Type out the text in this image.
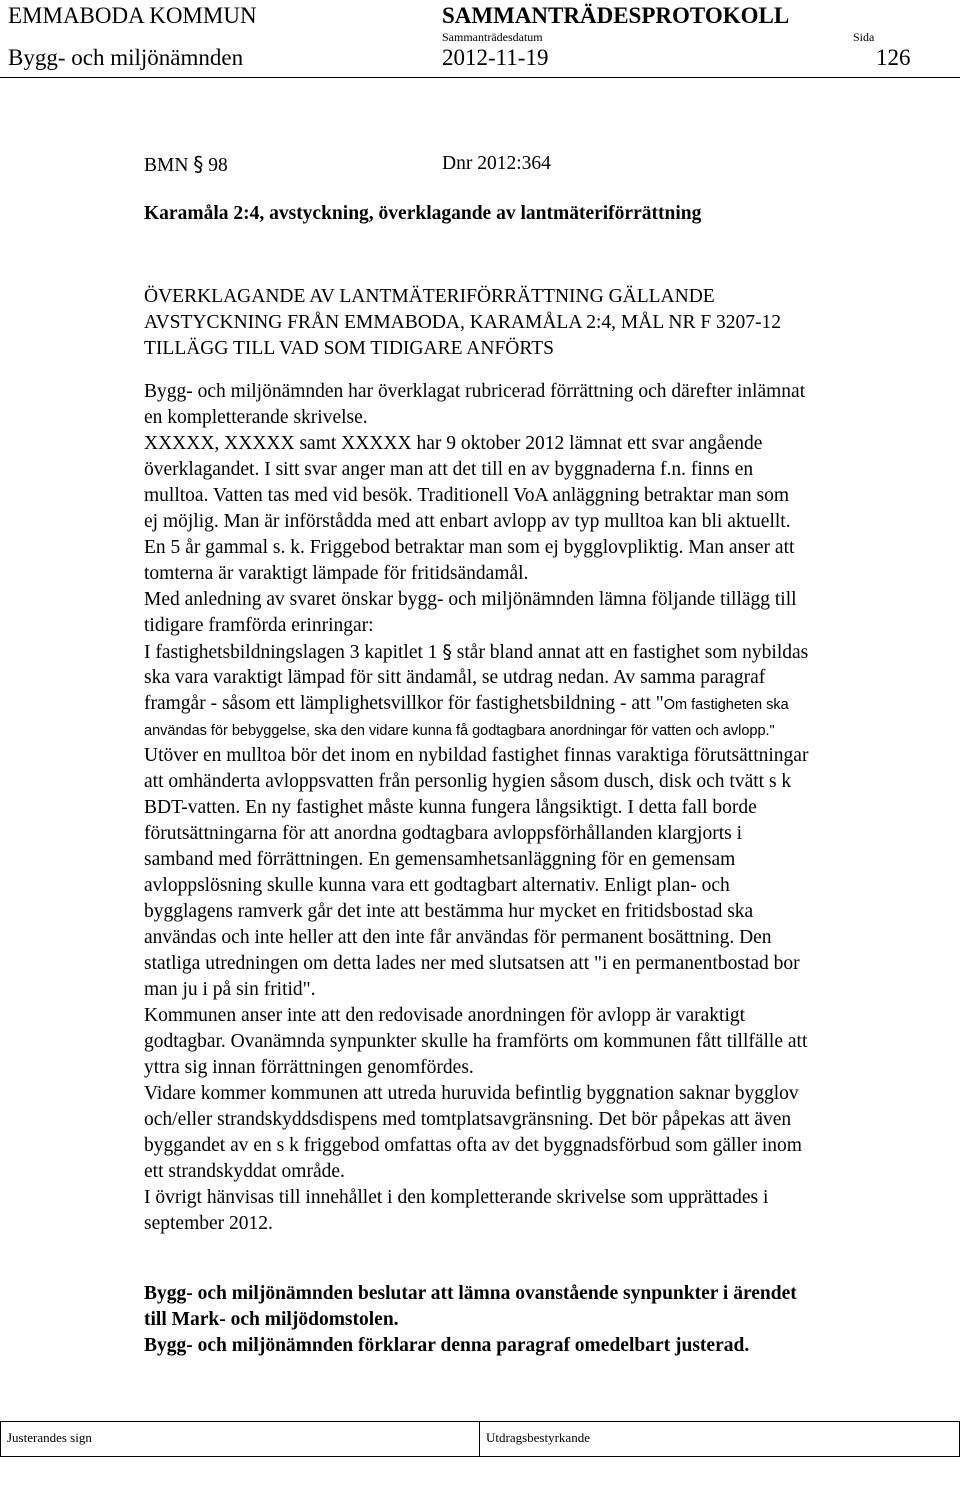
EMMABODA KOMMUN	SAMMANTRÄDESPROTOKOLL
Sammanträdesdatum	Sida
Bygg- och miljönämnden	2012-11-19	126
BMN § 98	Dnr 2012:364
Karamåla 2:4, avstyckning, överklagande av lantmäteriförrättning
ÖVERKLAGANDE AV LANTMÄTERIFÖRRÄTTNING GÄLLANDE
AVSTYCKNING FRÅN EMMABODA, KARAMÅLA 2:4, MÅL NR F 3207-12
TILLÄGG TILL VAD SOM TIDIGARE ANFÖRTS
Bygg- och miljönämnden har överklagat rubricerad förrättning och därefter inlämnat
en kompletterande skrivelse.
XXXXX, XXXXX samt XXXXX har 9 oktober 2012 lämnat ett svar angående
överklagandet. I sitt svar anger man att det till en av byggnaderna f.n. finns en
mulltoa. Vatten tas med vid besök. Traditionell VoA anläggning betraktar man som
ej möjlig. Man är införstådda med att enbart avlopp av typ mulltoa kan bli aktuellt.
En 5 år gammal s. k. Friggebod betraktar man som ej bygglovpliktig. Man anser att
tomterna är varaktigt lämpade för fritidsändamål.
Med anledning av svaret önskar bygg- och miljönämnden lämna följande tillägg till
tidigare framförda erinringar:
I fastighetsbildningslagen 3 kapitlet 1 § står bland annat att en fastighet som nybildas
ska vara varaktigt lämpad för sitt ändamål, se utdrag nedan. Av samma paragraf
framgår - såsom ett lämplighetsvillkor för fastighetsbildning - att "Om fastigheten ska
användas för bebyggelse, ska den vidare kunna få godtagbara anordningar för vatten och avlopp."
Utöver en mulltoa bör det inom en nybildad fastighet finnas varaktiga förutsättningar
att omhänderta avloppsvatten från personlig hygien såsom dusch, disk och tvätt s k
BDT-vatten. En ny fastighet måste kunna fungera långsiktigt. I detta fall borde
förutsättningarna för att anordna godtagbara avloppsförhållanden klargjorts i
samband med förrättningen. En gemensamhetsanläggning för en gemensam
avloppslösning skulle kunna vara ett godtagbart alternativ. Enligt plan- och
bygglagens ramverk går det inte att bestämma hur mycket en fritidsbostad ska
användas och inte heller att den inte får användas för permanent bosättning. Den
statliga utredningen om detta lades ner med slutsatsen att "i en permanentbostad bor
man ju i på sin fritid".
Kommunen anser inte att den redovisade anordningen för avlopp är varaktigt
godtagbar. Ovanämnda synpunkter skulle ha framförts om kommunen fått tillfälle att
yttra sig innan förrättningen genomfördes.
Vidare kommer kommunen att utreda huruvida befintlig byggnation saknar bygglov
och/eller strandskyddsdispens med tomtplatsavgränsning. Det bör påpekas att även
byggandet av en s k friggebod omfattas ofta av det byggnadsförbud som gäller inom
ett strandskyddat område.
I övrigt hänvisas till innehållet i den kompletterande skrivelse som upprättades i
september 2012.
Bygg- och miljönämnden beslutar att lämna ovanstående synpunkter i ärendet
till Mark- och miljödomstolen.
Bygg- och miljönämnden förklarar denna paragraf omedelbart justerad.
Justerandes sign	Utdragsbestyrkande
